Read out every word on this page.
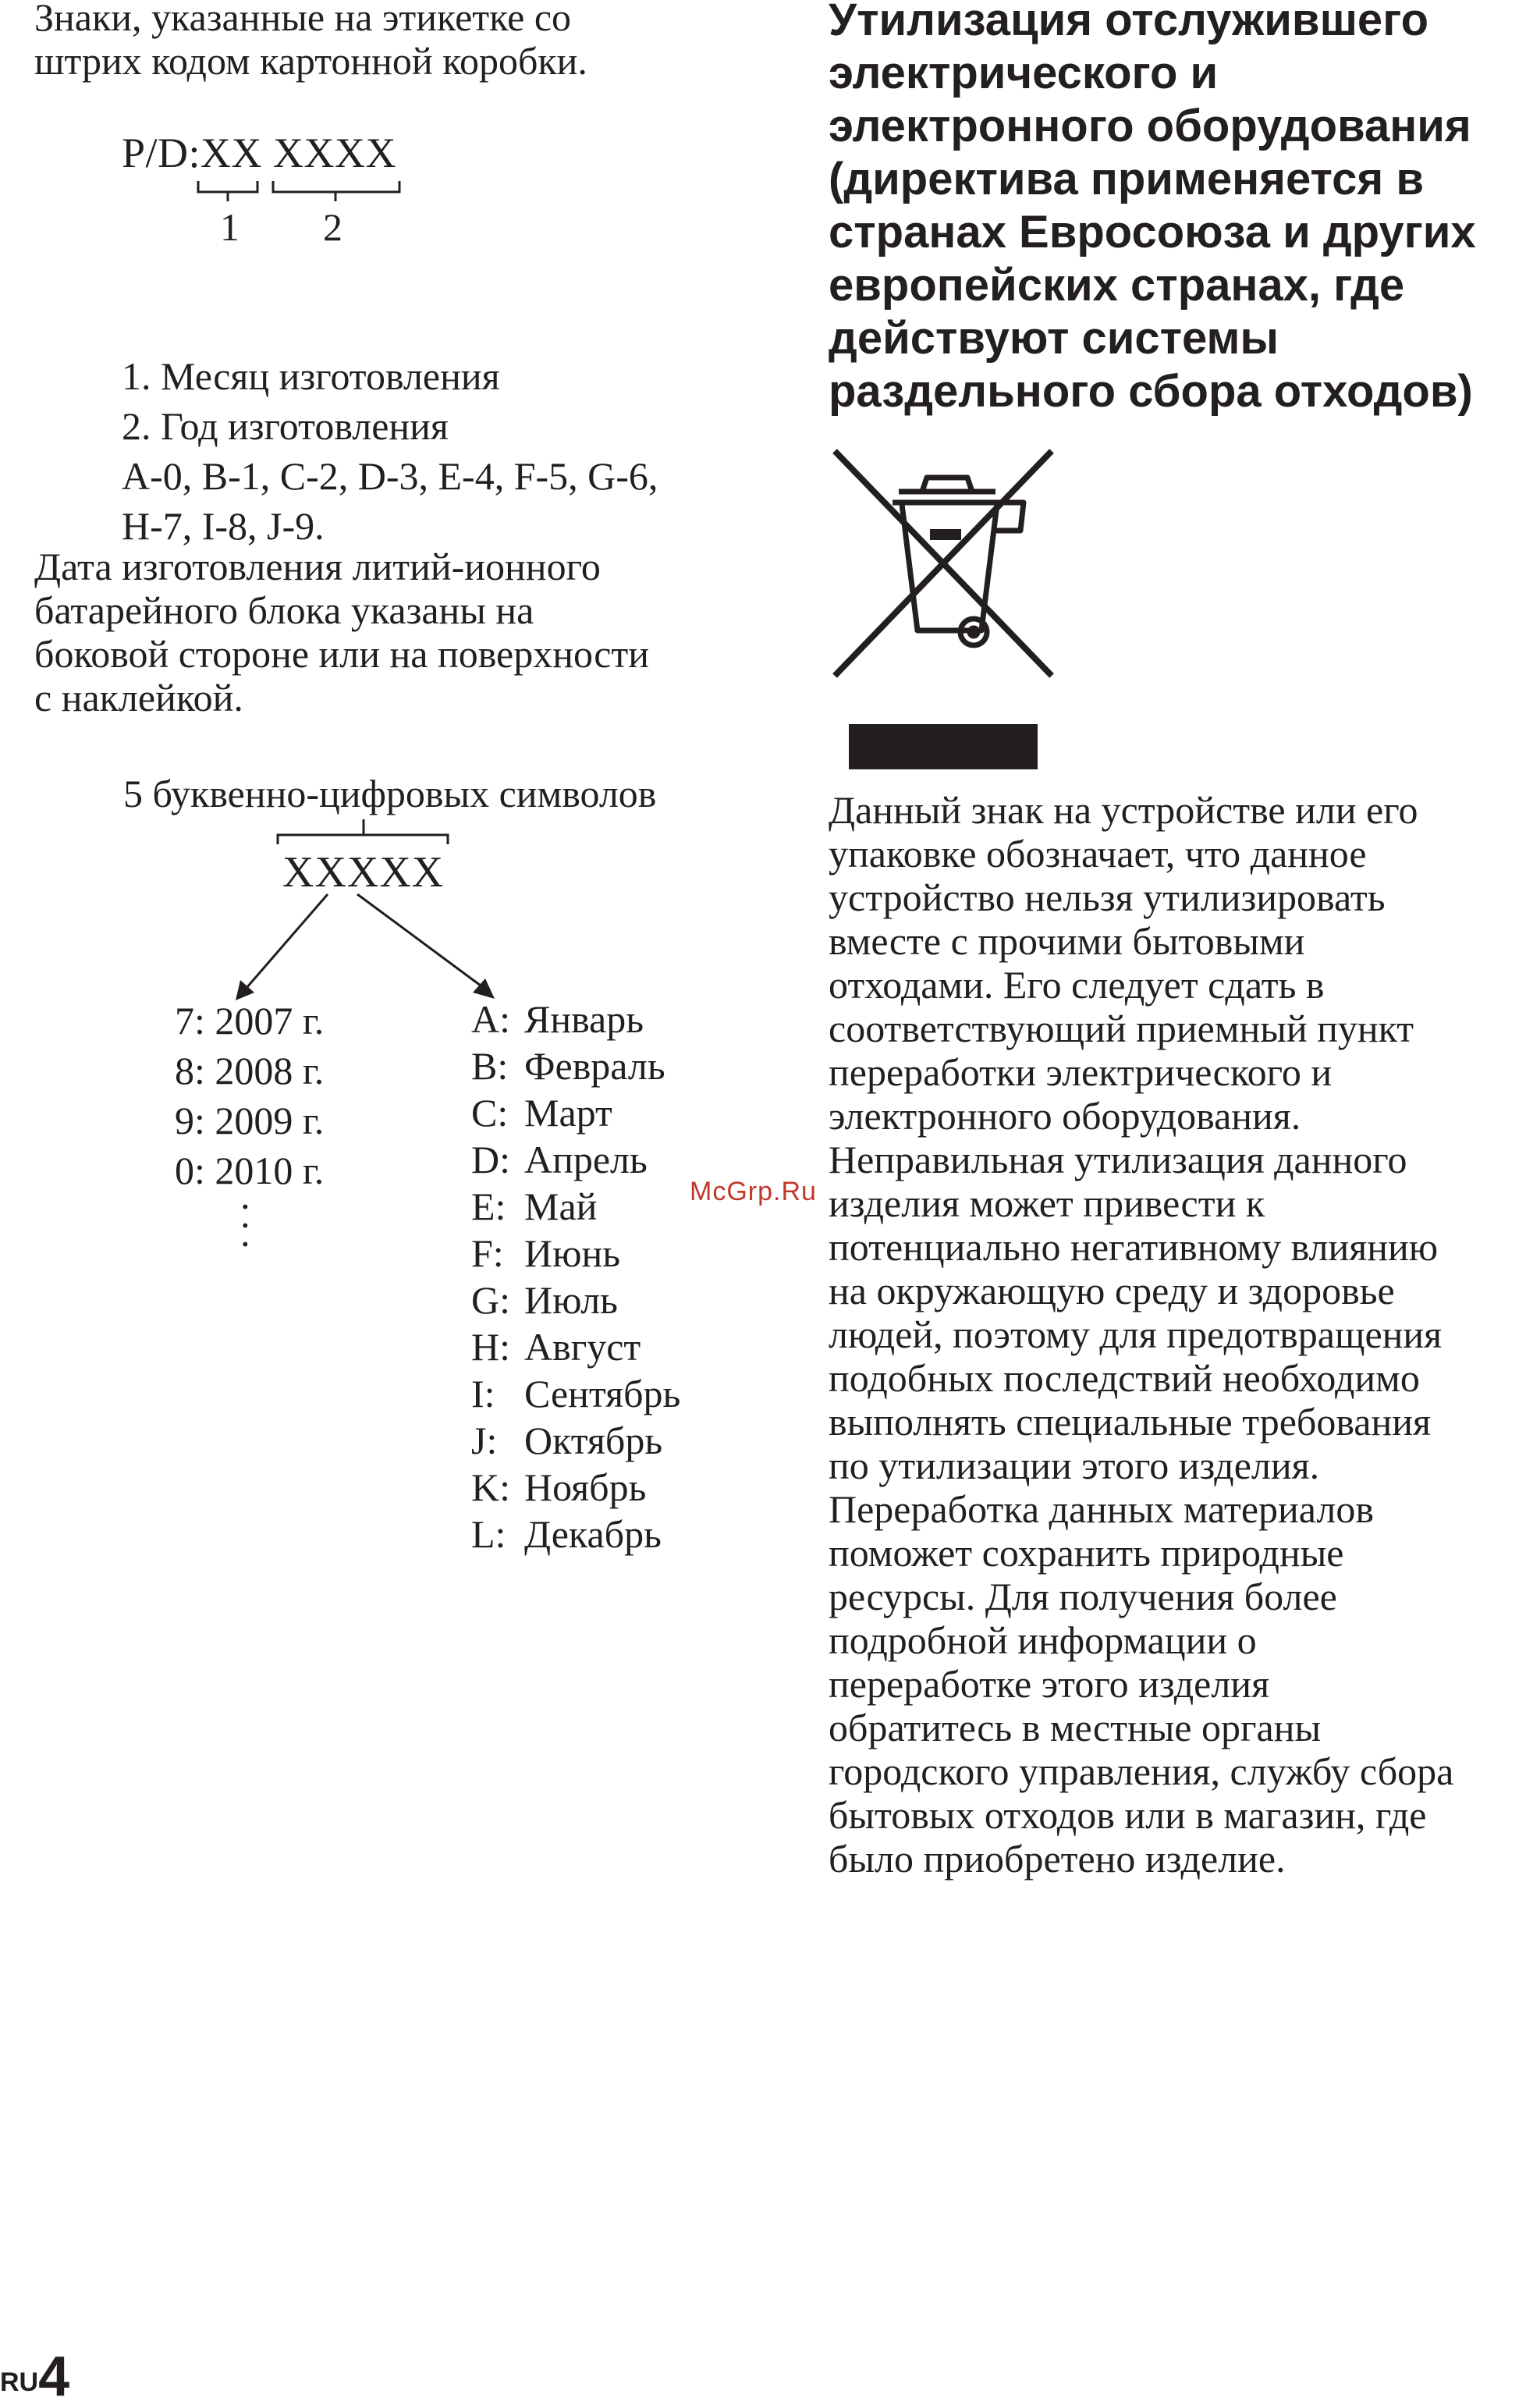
Знаки, указанные на этикетке со
штрих кодом картонной коробки.
P/D:XX XXXX
1 2
1. Месяц изготовления
2. Год изготовления
A-0, B-1, C-2, D-3, E-4, F-5, G-6,
H-7, I-8, J-9.
Дата изготовления литий-ионного
батарейного блока указаны на
боковой стороне или на поверхности
с наклейкой.
5 буквенно-цифровых символов
XXXXX
7: 2007 г.
8: 2008 г.
9: 2009 г.
0: 2010 г.
·
·
·
A: Январь
B: Февраль
C: Март
D: Апрель
E: Май
F: Июнь
G: Июль
H: Август
I: Сентябрь
J: Октябрь
K: Ноябрь
L: Декабрь
Утилизация отслужившего
электрического и
электронного оборудования
(директива применяется в
странах Евросоюза и других
европейских странах, где
действуют системы
раздельного сбора отходов)
Данный знак на устройстве или его
упаковке обозначает, что данное
устройство нельзя утилизировать
вместе с прочими бытовыми
отходами. Его следует сдать в
соответствующий приемный пункт
переработки электрического и
электронного оборудования.
Неправильная утилизация данного
изделия может привести к
потенциально негативному влиянию
на окружающую среду и здоровье
людей, поэтому для предотвращения
подобных последствий необходимо
выполнять специальные требования
по утилизации этого изделия.
Переработка данных материалов
поможет сохранить природные
ресурсы. Для получения более
подробной информации о
переработке этого изделия
обратитесь в местные органы
городского управления, службу сбора
бытовых отходов или в магазин, где
было приобретено изделие.
McGrp.Ru
RU 4
